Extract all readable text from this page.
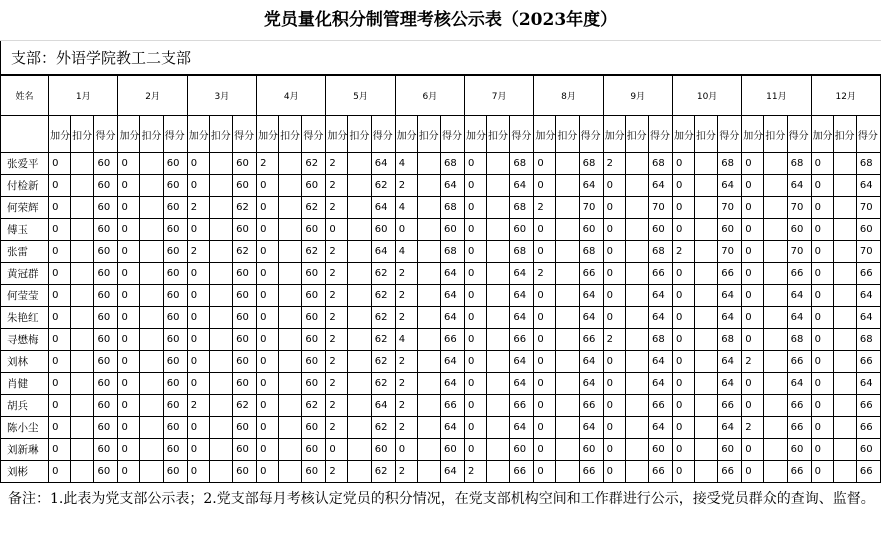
党员量化积分制管理考核公示表（2023年度）
支部：外语学院教工二支部
姓名	1月			2月			3月			4月			5月			6月			7月			8月			9月			10月			11月			12月		
	加分	扣分	得分	加分	扣分	得分	加分	扣分	得分	加分	扣分	得分	加分	扣分	得分	加分	扣分	得分	加分	扣分	得分	加分	扣分	得分	加分	扣分	得分	加分	扣分	得分	加分	扣分	得分	加分	扣分	得分
张爱平	0		60	0		60	0		60	2		62	2		64	4		68	0		68	0		68	2		68	0		68	0		68	0		68
付检新	0		60	0		60	0		60	0		60	2		62	2		64	0		64	0		64	0		64	0		64	0		64	0		64
何荣辉	0		60	0		60	2		62	0		62	2		64	4		68	0		68	2		70	0		70	0		70	0		70	0		70
傅玉	0		60	0		60	0		60	0		60	0		60	0		60	0		60	0		60	0		60	0		60	0		60	0		60
张雷	0		60	0		60	2		62	0		62	2		64	4		68	0		68	0		68	0		68	2		70	0		70	0		70
黄冠群	0		60	0		60	0		60	0		60	2		62	2		64	0		64	2		66	0		66	0		66	0		66	0		66
何莹莹	0		60	0		60	0		60	0		60	2		62	2		64	0		64	0		64	0		64	0		64	0		64	0		64
朱艳红	0		60	0		60	0		60	0		60	2		62	2		64	0		64	0		64	0		64	0		64	0		64	0		64
寻懋梅	0		60	0		60	0		60	0		60	2		62	4		66	0		66	0		66	2		68	0		68	0		68	0		68
刘林	0		60	0		60	0		60	0		60	2		62	2		64	0		64	0		64	0		64	0		64	2		66	0		66
肖健	0		60	0		60	0		60	0		60	2		62	2		64	0		64	0		64	0		64	0		64	0		64	0		64
胡兵	0		60	0		60	2		62	0		62	2		64	2		66	0		66	0		66	0		66	0		66	0		66	0		66
陈小尘	0		60	0		60	0		60	0		60	2		62	2		64	0		64	0		64	0		64	0		64	2		66	0		66
刘新琳	0		60	0		60	0		60	0		60	0		60	0		60	0		60	0		60	0		60	0		60	0		60	0		60
刘彬	0		60	0		60	0		60	0		60	2		62	2		64	2		66	0		66	0		66	0		66	0		66	0		66
备注：1.此表为党支部公示表；2.党支部每月考核认定党员的积分情况，在党支部机构空间和工作群进行公示，接受党员群众的查询、监督。
